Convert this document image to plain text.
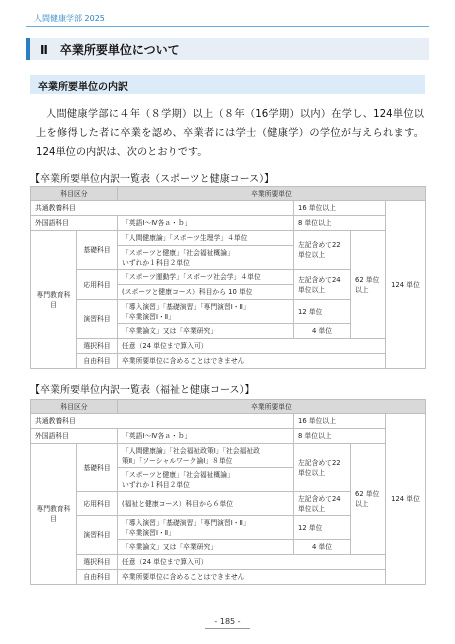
人間健康学部 2025
Ⅱ　卒業所要単位について
卒業所要単位の内訳

人間健康学部に４年（８学期）以上（８年（16学期）以内）在学し、124単位以上を修得した者に卒業を認め、卒業者には学士（健康学）の学位が与えられます。124単位の内訳は、次のとおりです。

【卒業所要単位内訳一覧表（スポーツと健康コース）】
科目区分		卒業所要単位			
共通教養科目			16 単位以上		124 単位
外国語科目		「英語Ⅰ～Ⅳ各ａ・ｂ」	8 単位以上		
専門教育科目	基礎科目	「人間健康論」「スポーツ生理学」４単位	左記含めて22単位以上	62 単位以上	
		「スポーツと健康」「社会福祉概論」
いずれか１科目２単位			
	応用科目	「スポーツ運動学」「スポーツ社会学」４単位	左記含めて24 単位以上		
		(スポーツと健康コース）科目から 10 単位			
	演習科目	「導入演習」「基礎演習」「専門演習Ⅰ・Ⅱ」
「卒業演習Ⅰ・Ⅱ」	12 単位		
		「卒業論文」又は「卒業研究」	4 単位		
	選択科目	任意（24 単位まで算入可）			
	自由科目	卒業所要単位に含めることはできません			
【卒業所要単位内訳一覧表（福祉と健康コース）】
科目区分		卒業所要単位			
共通教養科目			16 単位以上		124 単位
外国語科目		「英語Ⅰ～Ⅳ各ａ・ｂ」	8 単位以上		
専門教育科目	基礎科目	「人間健康論」「社会福祉政策Ⅰ」「社会福祉政
策Ⅱ」「ソーシャルワーク論Ⅰ」８単位	左記含めて22単位以上	62 単位以上	
		「スポーツと健康」「社会福祉概論」
いずれか１科目２単位			
	応用科目	(福祉と健康コース）科目から６単位	左記含めて24 単位以上		
	演習科目	「導入演習」「基礎演習」「専門演習Ⅰ・Ⅱ」
「卒業演習Ⅰ・Ⅱ」	12 単位		
		「卒業論文」又は「卒業研究」	4 単位		
	選択科目	任意（24 単位まで算入可）			
	自由科目	卒業所要単位に含めることはできません			
- 185 -
